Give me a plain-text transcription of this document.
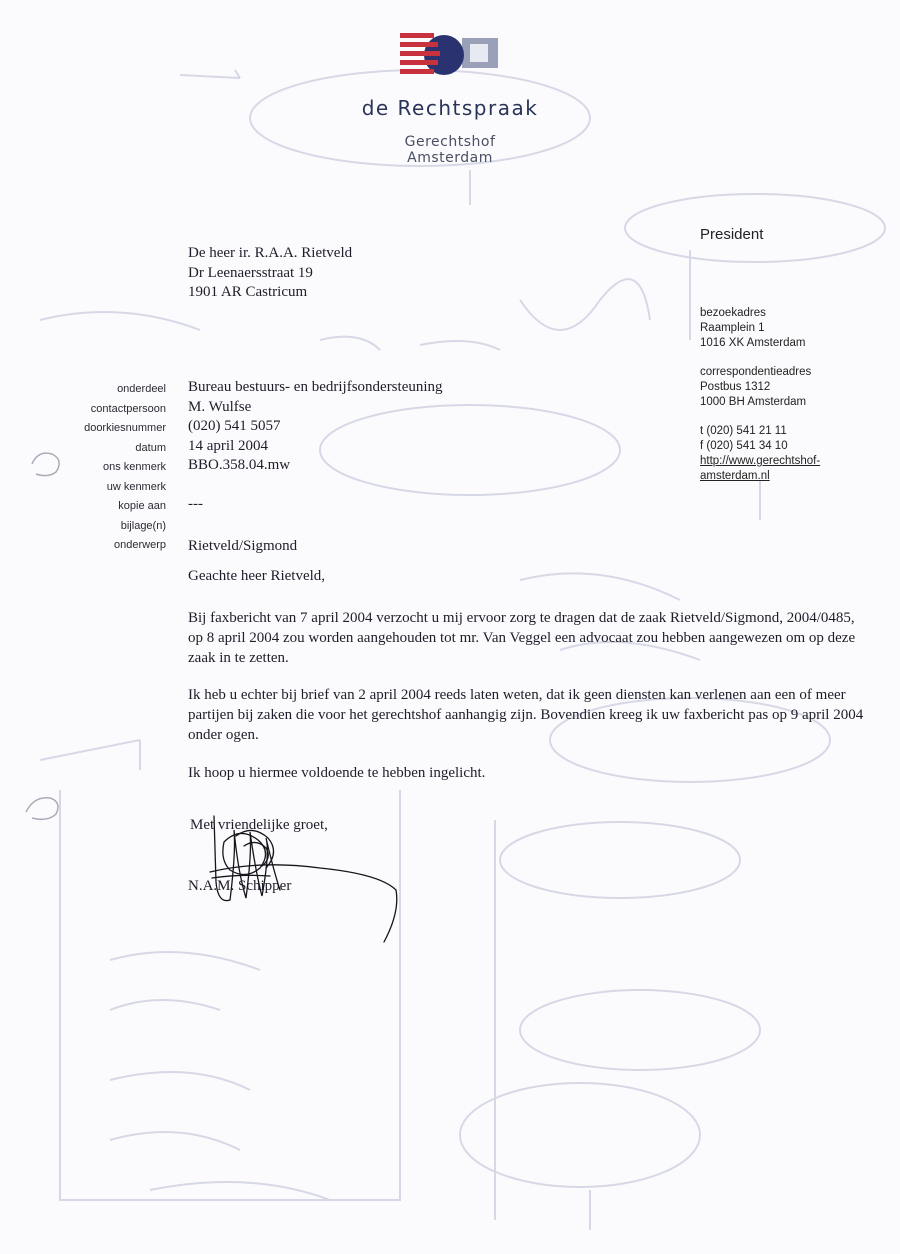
de Rechtspraak
Gerechtshof
Amsterdam
President
bezoekadres
Raamplein 1
1016 XK Amsterdam
correspondentieadres
Postbus 1312
1000 BH Amsterdam
t (020) 541 21 11
f (020) 541 34 10
http://www.gerechtshof-
amsterdam.nl
De heer ir. R.A.A. Rietveld
Dr Leenaersstraat 19
1901 AR Castricum
onderdeel Bureau bestuurs- en bedrijfsondersteuning
contactpersoon M. Wulfse
doorkiesnummer (020) 541 5057
datum 14 april 2004
ons kenmerk BBO.358.04.mw
uw kenmerk
kopie aan ---
bijlage(n)
onderwerp Rietveld/Sigmond
Geachte heer Rietveld,

Bij faxbericht van 7 april 2004 verzocht u mij ervoor zorg te dragen dat de zaak Rietveld/Sigmond, 2004/0485, op 8 april 2004 zou worden aangehouden tot mr. Van Veggel een advocaat zou hebben aangewezen om op deze zaak in te zetten.

Ik heb u echter bij brief van 2 april 2004 reeds laten weten, dat ik geen diensten kan verlenen aan een of meer partijen bij zaken die voor het gerechtshof aanhangig zijn. Bovendien kreeg ik uw faxbericht pas op 9 april 2004 onder ogen.

Ik hoop u hiermee voldoende te hebben ingelicht.

Met vriendelijke groet,
N.A.M. Schipper
